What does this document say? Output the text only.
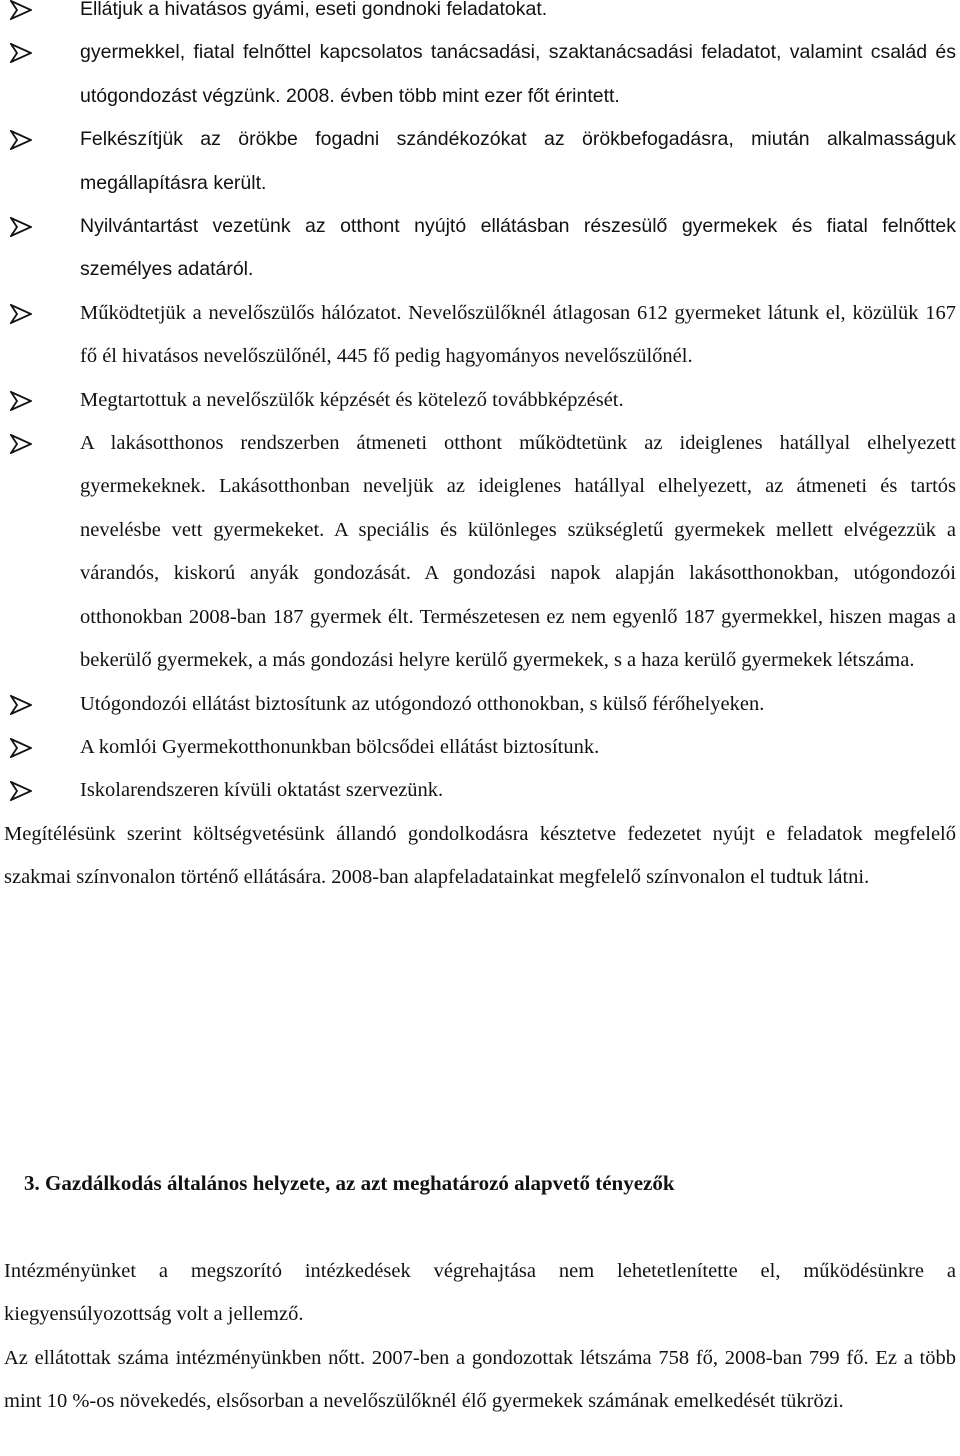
Ellátjuk a hivatásos gyámi, eseti gondnoki feladatokat.
gyermekkel, fiatal felnőttel kapcsolatos tanácsadási, szaktanácsadási feladatot, valamint család és utógondozást végzünk. 2008. évben több mint ezer főt érintett.
Felkészítjük az örökbe fogadni szándékozókat az örökbefogadásra, miután alkalmasságuk megállapításra került.
Nyilvántartást vezetünk az otthont nyújtó ellátásban részesülő gyermekek és fiatal felnőttek személyes adatáról.
Működtetjük a nevelőszülős hálózatot. Nevelőszülőknél átlagosan 612 gyermeket látunk el, közülük 167 fő él hivatásos nevelőszülőnél, 445 fő pedig hagyományos nevelőszülőnél.
Megtartottuk a nevelőszülők képzését és kötelező továbbképzését.
A lakásotthonos rendszerben átmeneti otthont működtetünk az ideiglenes hatállyal elhelyezett gyermekeknek. Lakásotthonban neveljük az ideiglenes hatállyal elhelyezett, az átmeneti és tartós nevelésbe vett gyermekeket. A speciális és különleges szükségletű gyermekek mellett elvégezzük a várandós, kiskorú anyák gondozását. A gondozási napok alapján lakásotthonokban, utógondozói otthonokban 2008-ban 187 gyermek élt. Természetesen ez nem egyenlő 187 gyermekkel, hiszen magas a bekerülő gyermekek, a más gondozási helyre kerülő gyermekek, s a haza kerülő gyermekek létszáma.
Utógondozói ellátást biztosítunk az utógondozó otthonokban, s külső férőhelyeken.
A komlói Gyermekotthonunkban bölcsődei ellátást biztosítunk.
Iskolarendszeren kívüli oktatást szervezünk.

Megítélésünk szerint költségvetésünk állandó gondolkodásra késztetve fedezetet nyújt e feladatok megfelelő szakmai színvonalon történő ellátására. 2008-ban alapfeladatainkat megfelelő színvonalon el tudtuk látni.

3. Gazdálkodás általános helyzete, az azt meghatározó alapvető tényezők

Intézményünket a megszorító intézkedések végrehajtása nem lehetetlenítette el, működésünkre a kiegyensúlyozottság volt a jellemző.

Az ellátottak száma intézményünkben nőtt. 2007-ben a gondozottak létszáma 758 fő, 2008-ban 799 fő. Ez a több mint 10 %-os növekedés, elsősorban a nevelőszülőknél élő gyermekek számának emelkedését tükrözi.
